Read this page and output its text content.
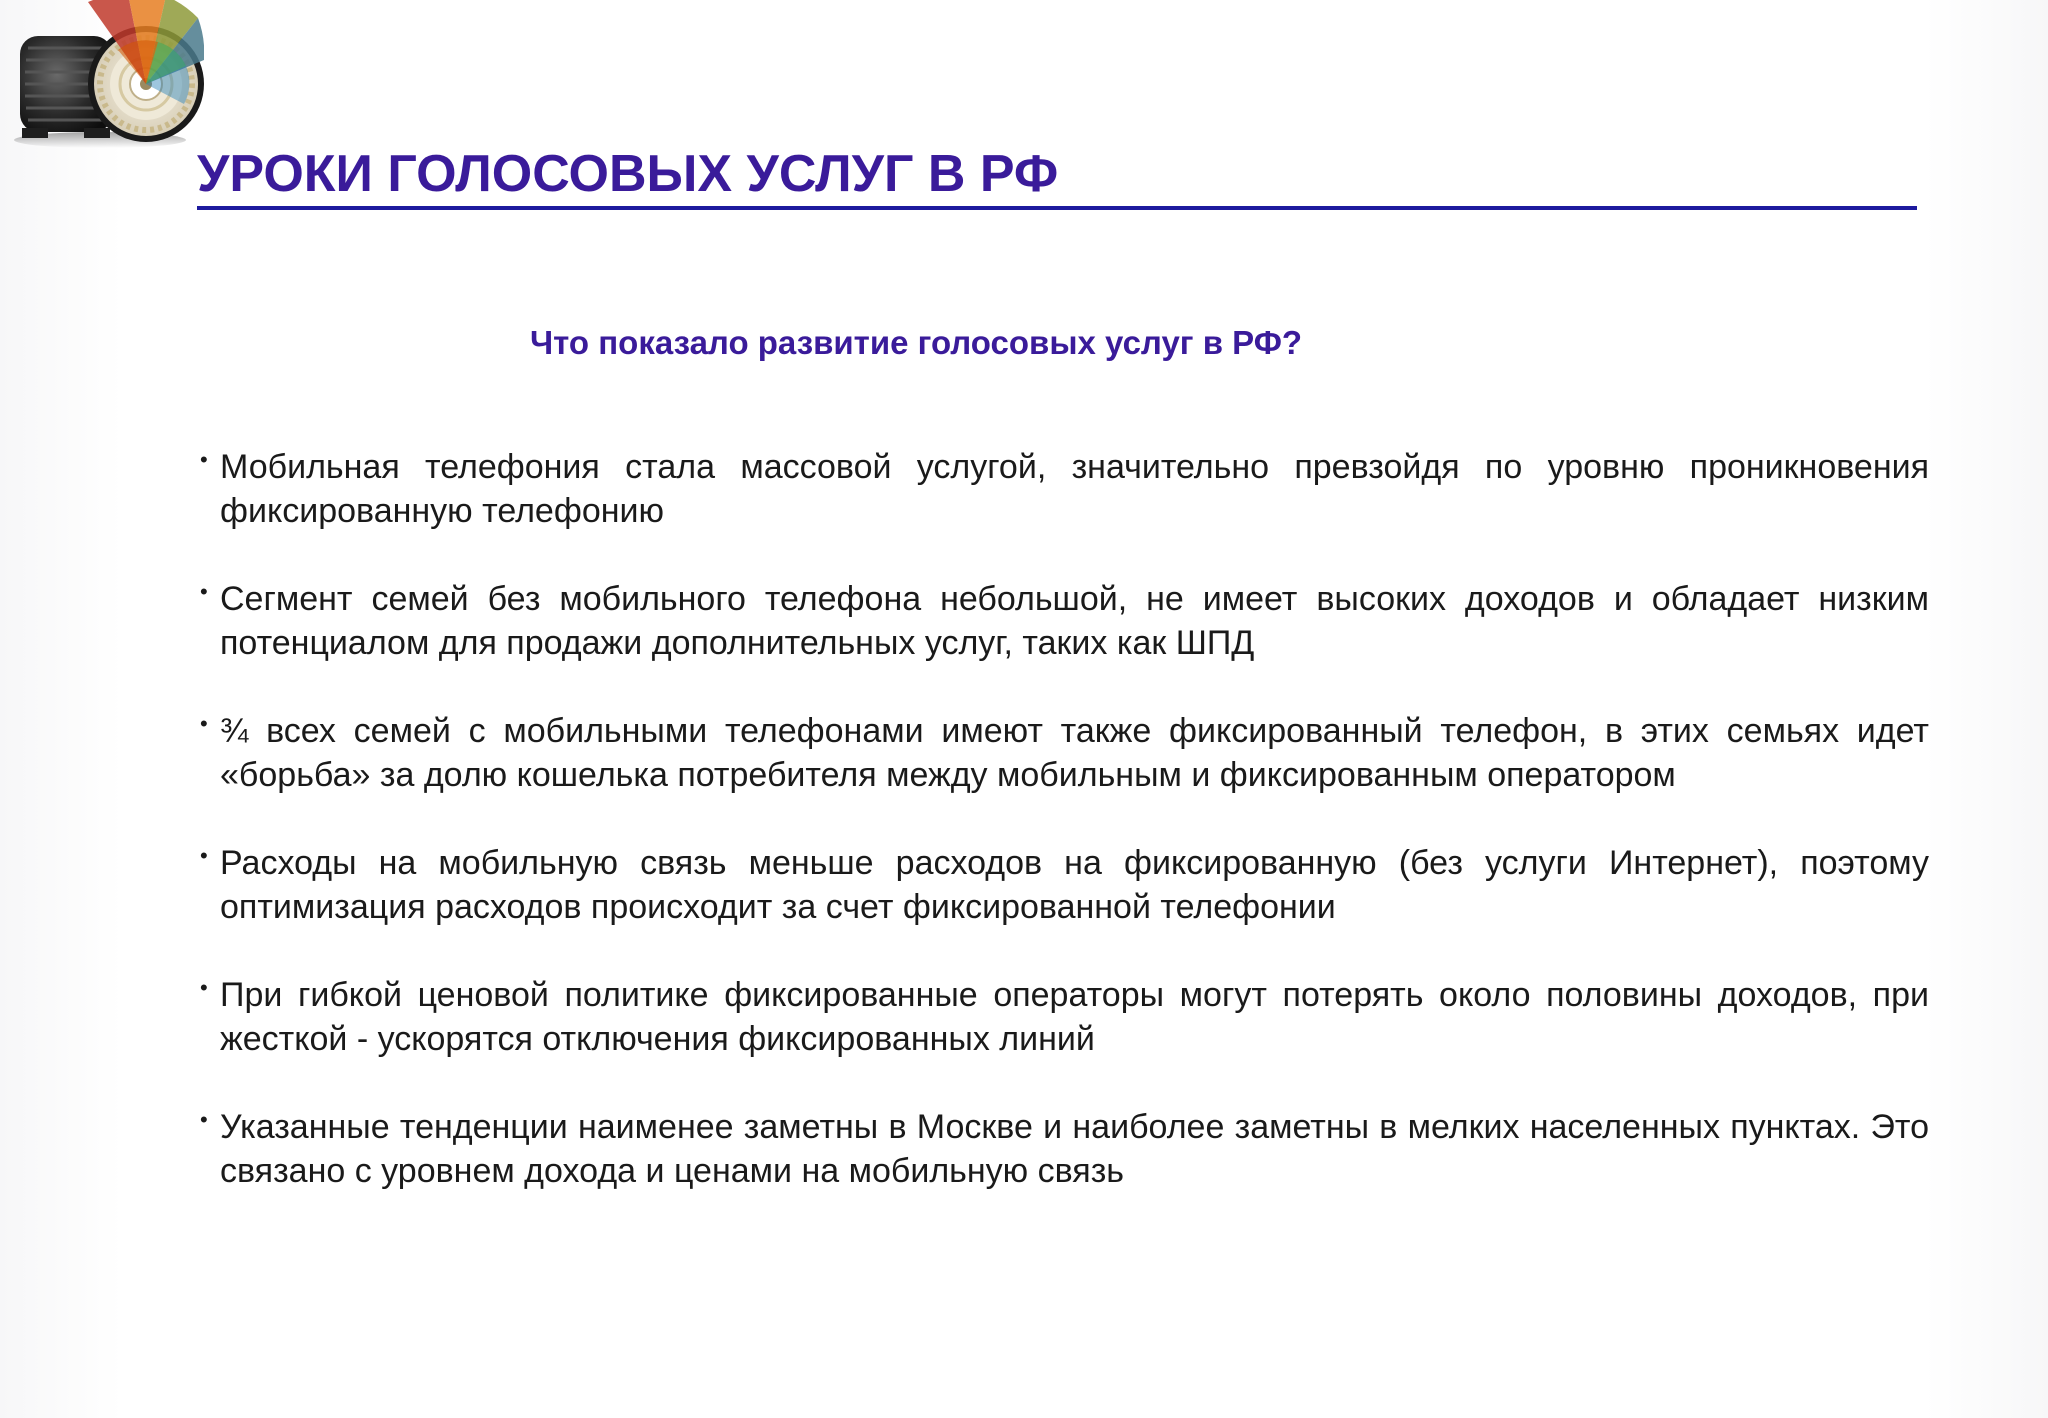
УРОКИ ГОЛОСОВЫХ УСЛУГ В РФ
Что показало развитие голосовых услуг в РФ?
• Мобильная телефония стала массовой услугой, значительно превзойдя по уровню проникновения фиксированную телефонию
• Сегмент семей без мобильного телефона небольшой, не имеет высоких доходов и обладает низким потенциалом для продажи дополнительных услуг, таких как ШПД
• ¾ всех семей с мобильными телефонами имеют также фиксированный телефон, в этих семьях идет «борьба» за долю кошелька потребителя между мобильным и фиксированным оператором
• Расходы на мобильную связь меньше расходов на фиксированную (без услуги Интернет), поэтому оптимизация расходов происходит за счет фиксированной телефонии
• При гибкой ценовой политике фиксированные операторы могут потерять около половины доходов, при жесткой - ускорятся отключения фиксированных линий
• Указанные тенденции наименее заметны в Москве и наиболее заметны в мелких населенных пунктах. Это связано с уровнем дохода и ценами на мобильную связь
